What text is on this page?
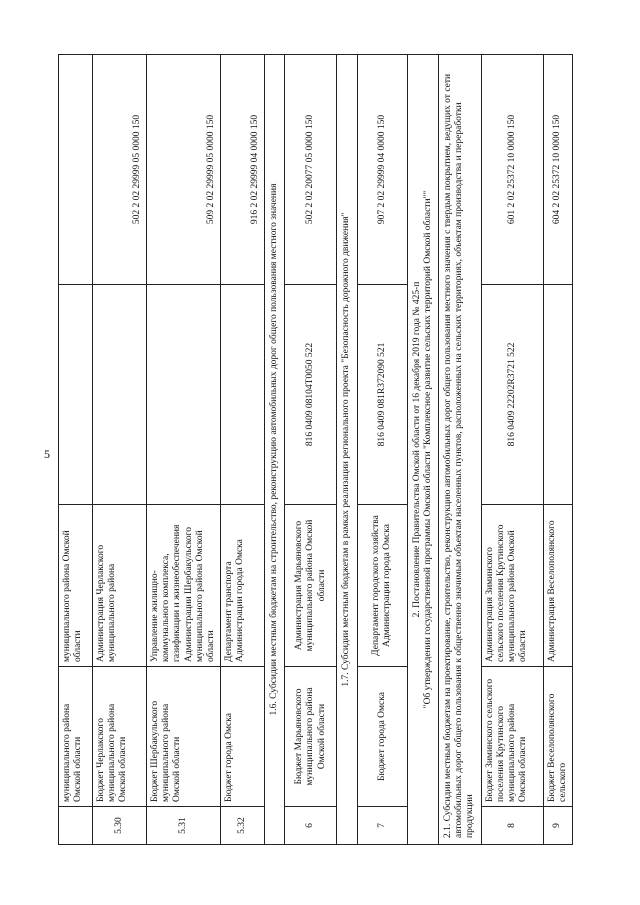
5
	муниципального района Омской области	муниципального района Омской области		
5.30	Бюджет Черлакского муниципального района Омской области	Администрация Черлакского муниципального района		502 2 02 29999 05 0000 150
5.31	Бюджет Шербакульского муниципального района Омской области	Управление жилищно-коммунального комплекса, газификации и жизнеобеспечения Администрации Шербакульского муниципального района Омской области		509 2 02 29999 05 0000 150
5.32	Бюджет города Омска	Департамент транспорта Администрации города Омска		916 2 02 29999 04 0000 150
1.6. Субсидии местным бюджетам на строительство, реконструкцию автомобильных дорог общего пользования местного значения				
6	Бюджет Марьяновского муниципального района Омской области	Администрация Марьяновского муниципального района Омской области	816 0409 08104Т0050 522	502 2 02 20077 05 0000 150
1.7. Субсидии местным бюджетам в рамках реализации регионального проекта "Безопасность дорожного движения"				
7	Бюджет города Омска	Департамент городского хозяйства Администрации города Омска	816 0409 081R372090 521	907 2 02 29999 04 0000 150

2. Постановление Правительства Омской области от 16 декабря 2019 года № 425-п "Об утверждении государственной программы Омской области "Комплексное развитие сельских территорий Омской области""				

2.1. Субсидии местным бюджетам на проектирование, строительство, реконструкцию автомобильных дорог общего пользования местного значения с твердым покрытием, ведущих от сети автомобильных дорог общего пользования к общественно значимым объектам населенных пунктов, расположенных на сельских территориях, объектам производства и переработки продукции				
8	Бюджет Зиминского сельского поселения Крутинского муниципального района Омской области	Администрация Зиминского сельского поселения Крутинского муниципального района Омской области	816 0409 22202R3721 522	601 2 02 25372 10 0000 150
9	Бюджет Веселополянского сельского	Администрация Веселополянского		604 2 02 25372 10 0000 150
